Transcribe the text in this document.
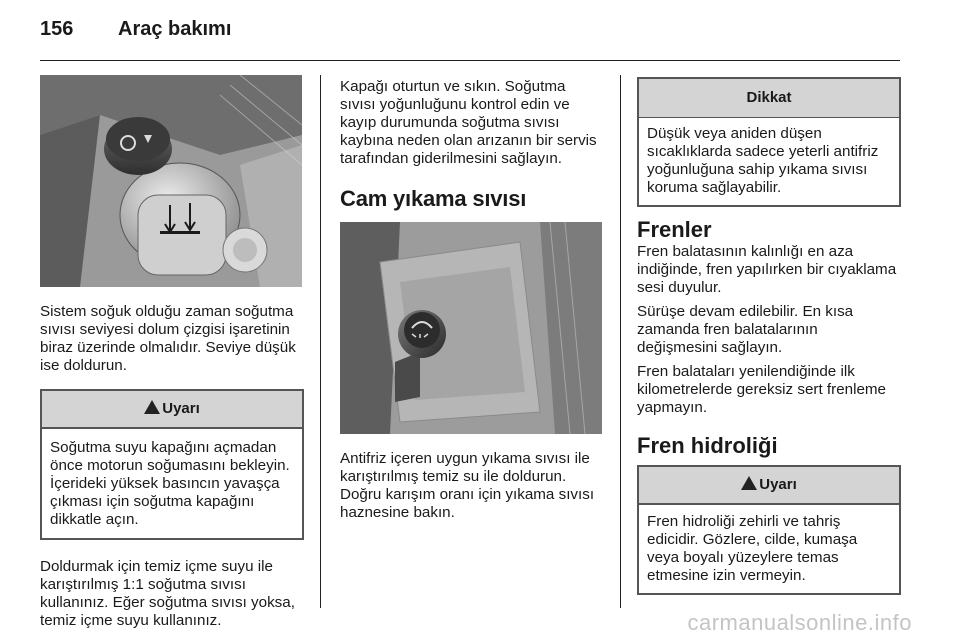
156 Araç bakımı

Sistem soğuk olduğu zaman soğutma sıvısı seviyesi dolum çizgisi işaretinin biraz üzerinde olmalıdır. Seviye düşük ise doldurun.

!Uyarı
Soğutma suyu kapağını açmadan önce motorun soğumasını bekleyin. İçerideki yüksek basıncın yavaşça çıkması için soğutma kapağını dikkatle açın.

Doldurmak için temiz içme suyu ile karıştırılmış 1:1 soğutma sıvısı kullanınız. Eğer soğutma sıvısı yoksa, temiz içme suyu kullanınız.

Kapağı oturtun ve sıkın. Soğutma sıvısı yoğunluğunu kontrol edin ve kayıp durumunda soğutma sıvısı kaybına neden olan arızanın bir servis tarafından giderilmesini sağlayın.

Cam yıkama sıvısı

Antifriz içeren uygun yıkama sıvısı ile karıştırılmış temiz su ile doldurun. Doğru karışım oranı için yıkama sıvısı haznesine bakın.

Dikkat
Düşük veya aniden düşen sıcaklıklarda sadece yeterli antifriz yoğunluğuna sahip yıkama sıvısı koruma sağlayabilir.
Frenler

Fren balatasının kalınlığı en aza indiğinde, fren yapılırken bir cıyaklama sesi duyulur.

Sürüşe devam edilebilir. En kısa zamanda fren balatalarının değişmesini sağlayın.

Fren balataları yenilendiğinde ilk kilometrelerde gereksiz sert frenleme yapmayın.

Fren hidroliği
!Uyarı
Fren hidroliği zehirli ve tahriş edicidir. Gözlere, cilde, kumaşa veya boyalı yüzeylere temas etmesine izin vermeyin.
carmanualsonline.info
